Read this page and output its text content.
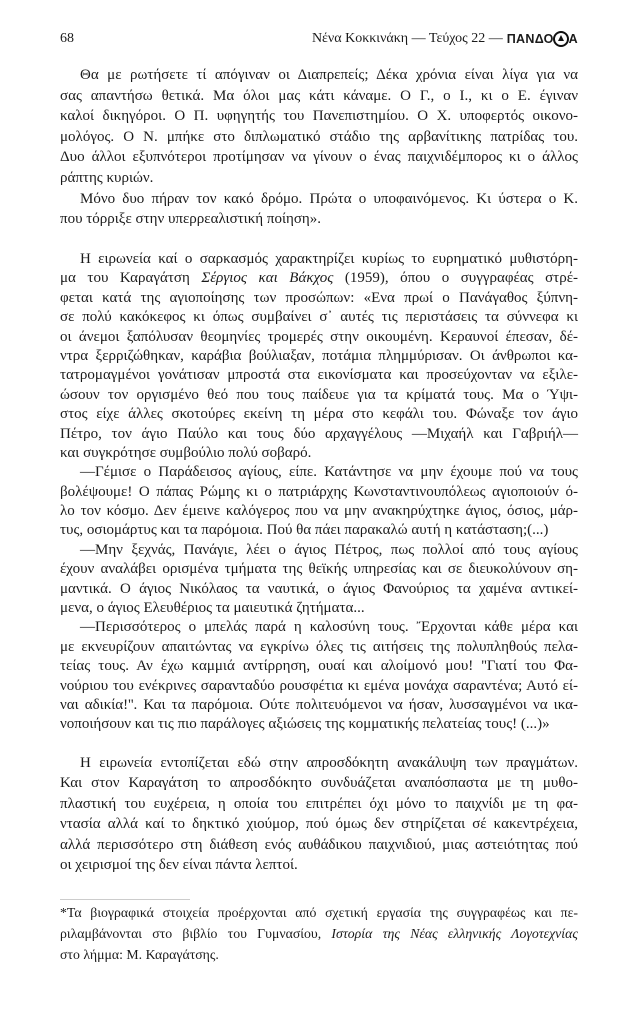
68	Νένα Κοκκινάκη — Τεύχος 22 — ΠΑΝΔΟ Α
Θα με ρωτήσετε τί απόγιναν οι Διαπρεπείς; Δέκα χρόνια είναι λίγα για να
σας απαντήσω θετικά. Μα όλοι μας κάτι κάναμε. Ο Γ., ο Ι., κι ο Ε. έγιναν
καλοί δικηγόροι. Ο Π. υφηγητής του Πανεπιστημίου. Ο Χ. υποφερτός οικονο-
μολόγος. Ο Ν. μπήκε στο διπλωματικό στάδιο της αρβανίτικης πατρίδας του.
Δυο άλλοι εξυπνότεροι προτίμησαν να γίνουν ο ένας παιχνιδέμπορος κι ο άλλος
ράπτης κυριών.
Μόνο δυο πήραν τον κακό δρόμο. Πρώτα ο υποφαινόμενος. Κι ύστερα ο Κ.
που τόρριξε στην υπερρεαλιστική ποίηση».
Η ειρωνεία καί ο σαρκασμός χαρακτηρίζει κυρίως το ευρηματικό μυθιστόρη-
μα του Καραγάτση Σέργιος και Βάκχος (1959), όπου ο συγγραφέας στρέ-
φεται κατά της αγιοποίησης των προσώπων: «Ενα πρωί ο Πανάγαθος ξύπνη-
σε πολύ κακόκεφος κι όπως συμβαίνει σ᾽ αυτές τις περιστάσεις τα σύννεφα κι
οι άνεμοι ξαπόλυσαν θεομηνίες τρομερές στην οικουμένη. Κεραυνοί έπεσαν, δέ-
ντρα ξερριζώθηκαν, καράβια βούλιαξαν, ποτάμια πλημμύρισαν. Οι άνθρωποι κα-
τατρομαγμένοι γονάτισαν μπροστά στα εικονίσματα και προσεύχονταν να εξιλε-
ώσουν τον οργισμένο θεό που τους παίδευε για τα κρίματά τους. Μα ο Ύψι-
στος είχε άλλες σκοτούρες εκείνη τη μέρα στο κεφάλι του. Φώναξε τον άγιο
Πέτρο, τον άγιο Παύλο και τους δύο αρχαγγέλους —Μιχαήλ και Γαβριήλ—
και συγκρότησε συμβούλιο πολύ σοβαρό.
—Γέμισε ο Παράδεισος αγίους, είπε. Κατάντησε να μην έχουμε πού να τους
βολέψουμε! Ο πάπας Ρώμης κι ο πατριάρχης Κωνσταντινουπόλεως αγιοποιούν ό-
λο τον κόσμο. Δεν έμεινε καλόγερος που να μην ανακηρύχτηκε άγιος, όσιος, μάρ-
τυς, οσιομάρτυς και τα παρόμοια. Πού θα πάει παρακαλώ αυτή η κατάσταση;(...)
—Μην ξεχνάς, Πανάγιε, λέει ο άγιος Πέτρος, πως πολλοί από τους αγίους
έχουν αναλάβει ορισμένα τμήματα της θεϊκής υπηρεσίας και σε διευκολύνουν ση-
μαντικά. Ο άγιος Νικόλαος τα ναυτικά, ο άγιος Φανούριος τα χαμένα αντικεί-
μενα, ο άγιος Ελευθέριος τα μαιευτικά ζητήματα...
—Περισσότερος ο μπελάς παρά η καλοσύνη τους. Ἔρχονται κάθε μέρα και
με εκνευρίζουν απαιτώντας να εγκρίνω όλες τις αιτήσεις της πολυπληθούς πελα-
τείας τους. Αν έχω καμμιά αντίρρηση, ουαί και αλοίμονό μου! ''Γιατί του Φα-
νούριου του ενέκρινες σαρανταδύο ρουσφέτια κι εμένα μονάχα σαραντένα; Αυτό εί-
ναι αδικία!''. Και τα παρόμοια. Ούτε πολιτευόμενοι να ήσαν, λυσσαγμένοι να ικα-
νοποιήσουν και τις πιο παράλογες αξιώσεις της κομματικής πελατείας τους! (...)»
Η ειρωνεία εντοπίζεται εδώ στην απροσδόκητη ανακάλυψη των πραγμάτων.
Και στον Καραγάτση το απροσδόκητο συνδυάζεται αναπόσπαστα με τη μυθο-
πλαστική του ευχέρεια, η οποία του επιτρέπει όχι μόνο το παιχνίδι με τη φα-
ντασία αλλά καί το δηκτικό χιούμορ, πού όμως δεν στηρίζεται σέ κακεντρέχεια,
αλλά περισσότερο στη διάθεση ενός αυθάδικου παιχνιδιού, μιας αστειότητας πού
οι χειρισμοί της δεν είναι πάντα λεπτοί.
*Τα βιογραφικά στοιχεία προέρχονται από σχετική εργασία της συγγραφέως και πε-
ριλαμβάνονται στο βιβλίο του Γυμνασίου, Ιστορία της Νέας ελληνικής Λογοτεχνίας
στο λήμμα: Μ. Καραγάτσης.
